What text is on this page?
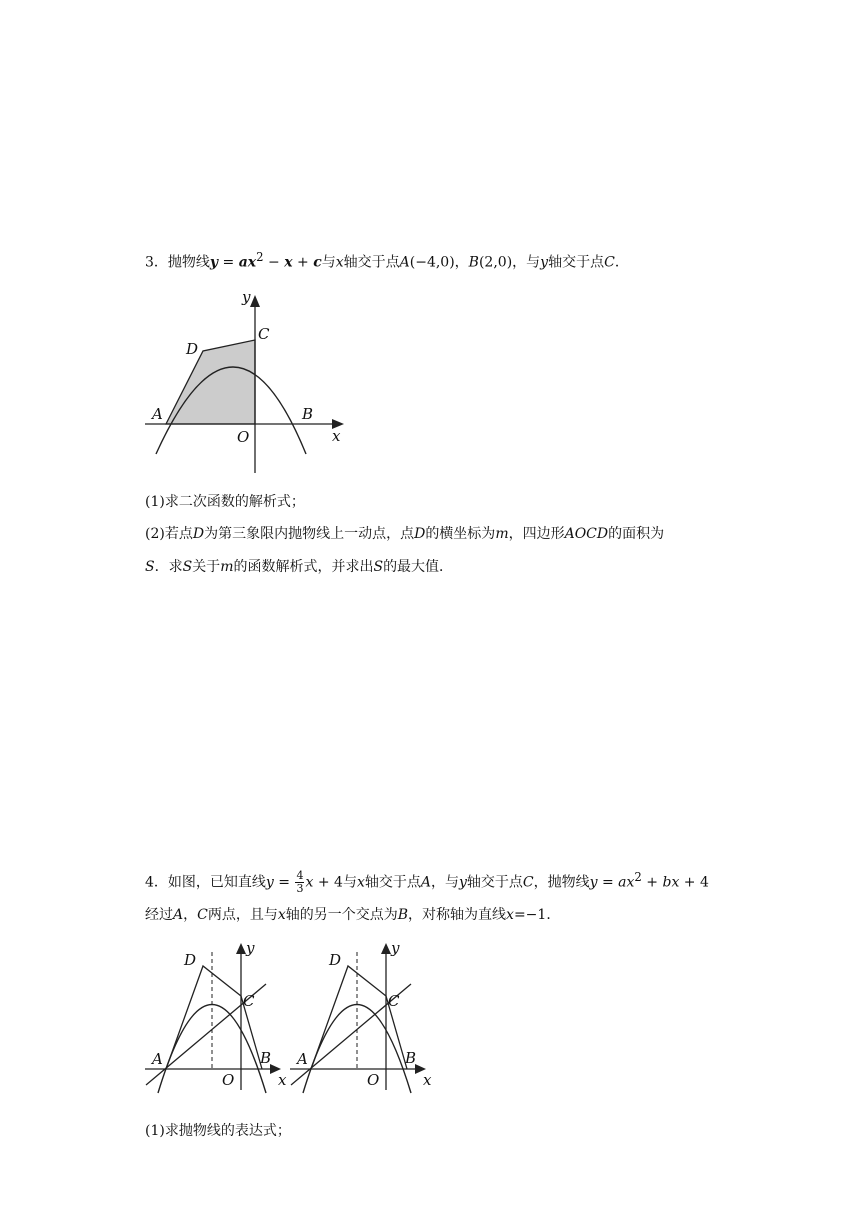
3．抛物线$y = ax^2 - x + c$与x轴交于点A(−4,0)，B(2,0)，与y轴交于点C．
y
C
D
A	B
O	x
(1)求二次函数的解析式；
(2)若点D为第三象限内抛物线上一动点，点D的横坐标为m，四边形AOCD的面积为
S．求S关于m的函数解析式，并求出S的最大值．
4．如图，已知直线$y = \frac{4}{3}$ x + 4与x轴交于点A，与y轴交于点C，抛物线$y = ax^2$ + bx + 4
经过A，C两点，且与x轴的另一个交点为B，对称轴为直线x=−1．
y
D
C
A	B
O	x
y
D
C
A	B
O	x
(1)求抛物线的表达式；
